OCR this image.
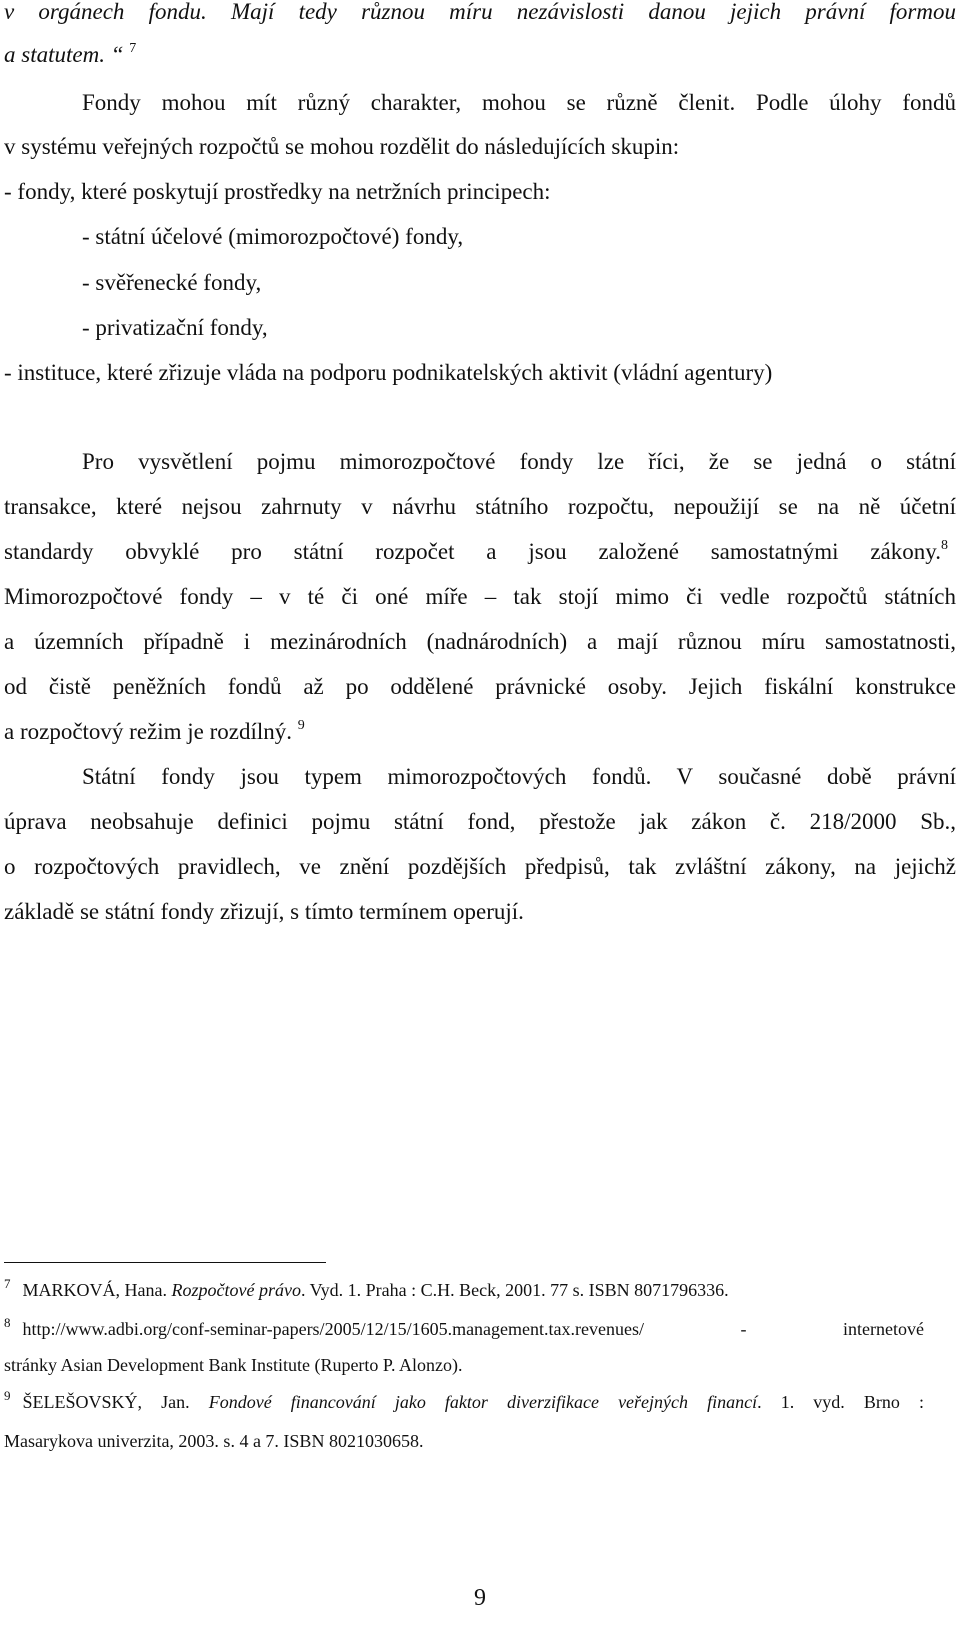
v orgánech fondu. Mají tedy různou míru nezávislosti danou jejich právní formou
a statutem. “ $^7$
Fondy mohou mít různý charakter, mohou se různě členit. Podle úlohy fondů
v systému veřejných rozpočtů se mohou rozdělit do následujících skupin:
- fondy, které poskytují prostředky na netržních principech:
- státní účelové (mimorozpočtové) fondy,
- svěřenecké fondy,
- privatizační fondy,
- instituce, které zřizuje vláda na podporu podnikatelských aktivit (vládní agentury)
Pro vysvětlení pojmu mimorozpočtové fondy lze říci, že se jedná o státní
transakce, které nejsou zahrnuty v návrhu státního rozpočtu, nepoužijí se na ně účetní
standardy obvyklé pro státní rozpočet a jsou založené samostatnými zákony.$^8$
Mimorozpočtové fondy – v té či oné míře – tak stojí mimo či vedle rozpočtů státních
a územních případně i mezinárodních (nadnárodních) a mají různou míru samostatnosti,
od čistě peněžních fondů až po oddělené právnické osoby. Jejich fiskální konstrukce
a rozpočtový režim je rozdílný. $^9$
Státní fondy jsou typem mimorozpočtových fondů. V současné době právní
úprava neobsahuje definici pojmu státní fond, přestože jak zákon č. 218/2000 Sb.,
o rozpočtových pravidlech, ve znění pozdějších předpisů, tak zvláštní zákony, na jejichž
základě se státní fondy zřizují, s tímto termínem operují.
$^7$ MARKOVÁ, Hana. Rozpočtové právo. Vyd. 1. Praha : C.H. Beck, 2001. 77 s. ISBN 8071796336.
$^8$ http://www.adbi.org/conf-seminar-papers/2005/12/15/1605.management.tax.revenues/ - internetové
stránky Asian Development Bank Institute (Ruperto P. Alonzo).
$^9$ ŠELEŠOVSKÝ, Jan. Fondové financování jako faktor diverzifikace veřejných financí. 1. vyd. Brno :
Masarykova univerzita, 2003. s. 4 a 7. ISBN 8021030658.
9
